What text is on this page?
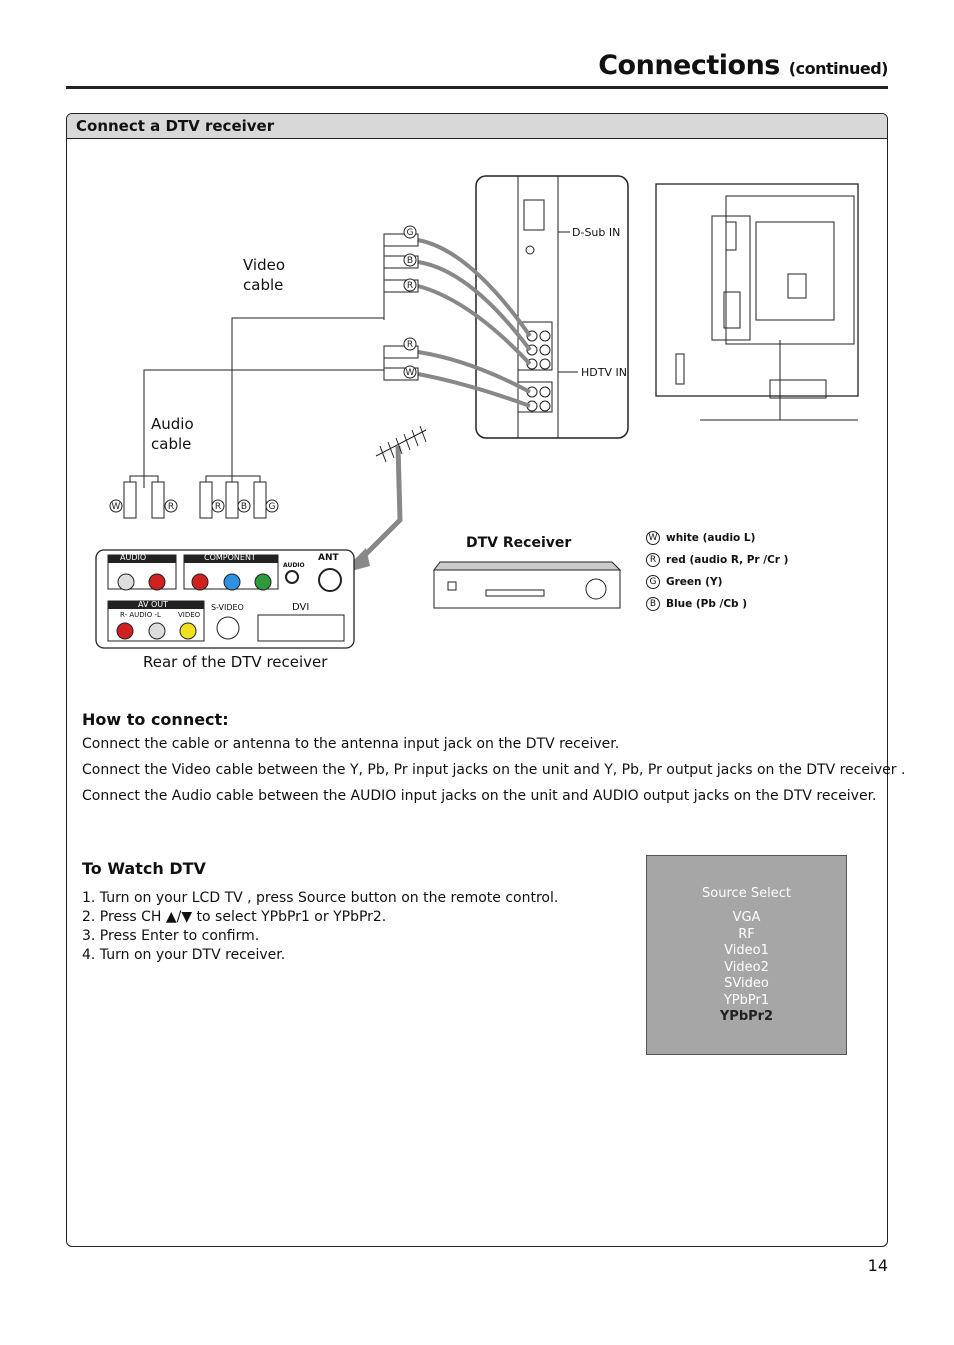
Connections (continued)
Connect a DTV receiver
G
B
R
R
W
W	R	R B G
Video
cable
Audio
cable
D-Sub IN
HDTV IN
DTV Receiver
Rear of the DTV receiver
AUDIO	COMPONENT
AUDIO
ANT
AV OUT
R- AUDIO -L VIDEO
S-VIDEO	DVI
W white (audio L)
R red (audio R, Pr /Cr )
G Green (Y)
B Blue (Pb /Cb )
How to connect:
Connect the cable or antenna to the antenna input jack on the DTV receiver.
Connect the Video cable between the Y, Pb, Pr input jacks on the unit and Y, Pb, Pr output jacks on the DTV receiver .
Connect the Audio cable between the AUDIO input jacks on the unit and AUDIO output jacks on the DTV receiver.
To Watch DTV
1. Turn on your LCD TV , press Source button on the remote control.
2. Press CH ▲/▼ to select YPbPr1 or YPbPr2.
3. Press Enter to confirm.
4. Turn on your DTV receiver.
Source Select
VGA
RF
Video1
Video2
SVideo
YPbPr1
YPbPr2
14
